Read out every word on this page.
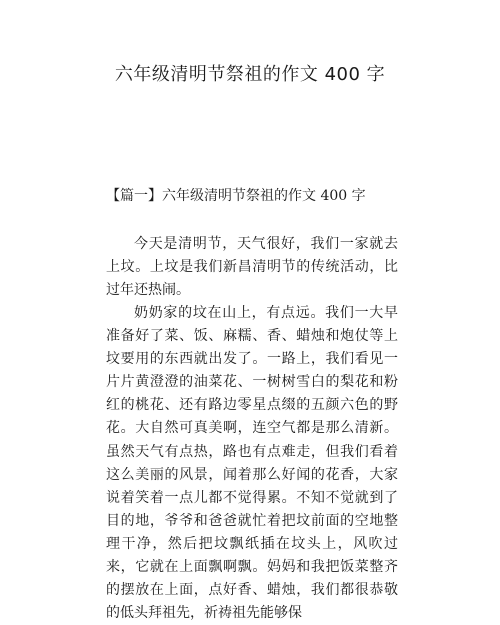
六年级清明节祭祖的作文 400 字
【篇一】六年级清明节祭祖的作文 400 字

今天是清明节，天气很好，我们一家就去上坟。上坟是我们新昌清明节的传统活动，比过年还热闹。

奶奶家的坟在山上，有点远。我们一大早准备好了菜、饭、麻糯、香、蜡烛和炮仗等上坟要用的东西就出发了。一路上，我们看见一片片黄澄澄的油菜花、一树树雪白的梨花和粉红的桃花、还有路边零星点缀的五颜六色的野花。大自然可真美啊，连空气都是那么清新。虽然天气有点热，路也有点难走，但我们看着这么美丽的风景，闻着那么好闻的花香，大家说着笑着一点儿都不觉得累。不知不觉就到了目的地，爷爷和爸爸就忙着把坟前面的空地整理干净，然后把坟飘纸插在坟头上，风吹过来，它就在上面飘啊飘。妈妈和我把饭菜整齐的摆放在上面，点好香、蜡烛，我们都很恭敬的低头拜祖先，祈祷祖先能够保
